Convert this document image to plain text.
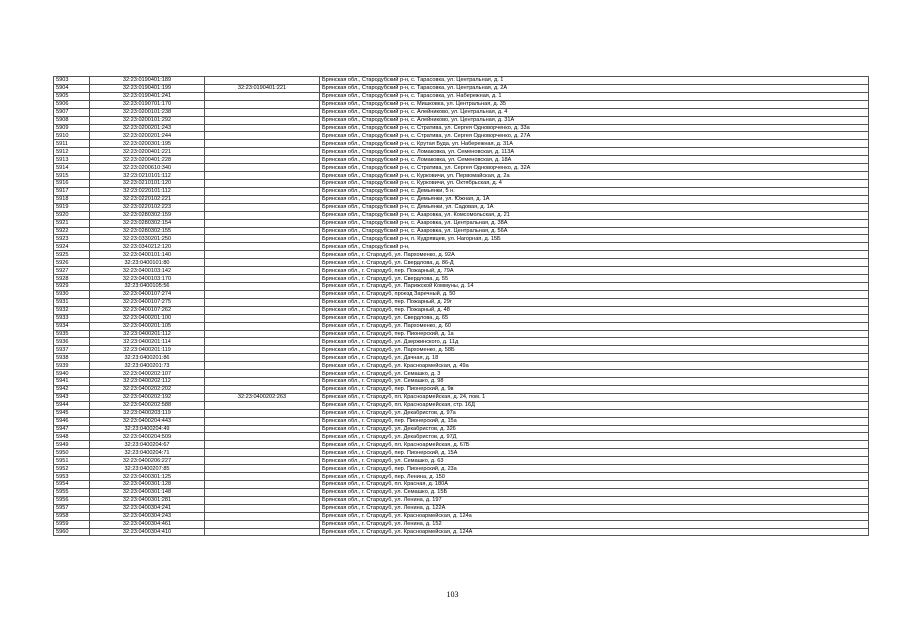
5903	32:23:0190401:189		Брянская обл., Стародубский р-н, с. Тарасовка, ул. Центральная, д. 1
5904	32:23:0190401:199	32:23:0190401:221	Брянская обл., Стародубский р-н, с. Тарасовка, ул. Центральная, д. 2А
5905	32:23:0190401:241		Брянская обл., Стародубский р-н, с. Тарасовка, ул. Набережная, д. 1
5906	32:23:0190701:170		Брянская обл., Стародубский р-н, с. Мишковка, ул. Центральная, д. 35
5907	32:23:0200101:238		Брянская обл., Стародубский р-н, с. Алейниково, ул. Центральная, д. 4
5908	32:23:0200101:292		Брянская обл., Стародубский р-н, с. Алейниково, ул. Центральная, д. 31А
5909	32:23:0200201:243		Брянская обл., Стародубский р-н, с. Стратива, ул. Сергея Одноворченко, д. 33а
5910	32:23:0200201:244		Брянская обл., Стародубский р-н, с. Стратива, ул. Сергея Одноворченко, д. 27А
5911	32:23:0200301:195		Брянская обл., Стародубский р-н, с. Крутая Буда, ул. Набережная, д. 31А
5912	32:23:0200401:221		Брянская обл., Стародубский р-н, с. Ломаковка, ул. Семеновская, д. 113А
5913	32:23:0200401:228		Брянская обл., Стародубский р-н, с. Ломаковка, ул. Семеновская, д. 18А
5914	32:23:0200610:340		Брянская обл., Стародубский р-н, с. Стратива, ул. Сергея Одноворченко, д. 32А
5915	32:23:0210101:112		Брянская обл., Стародубский р-н, с. Курковичи, ул. Первомайская, д. 2а
5916	32:23:0210101:120		Брянская обл., Стародубский р-н, с. Курковичи, ул. Октябрьская, д. 4
5917	32:23:0220101:112		Брянская обл., Стародубский р-н, с. Демьянки, 5 н.
5918	32:23:0220102:221		Брянская обл., Стародубский р-н, с. Демьянки, ул. Южная, д. 1А
5919	32:23:0220102:223		Брянская обл., Стародубский р-н, с. Демьянки, ул. Садовая, д. 1А
5920	32:23:0280302:159		Брянская обл., Стародубский р-н, с. Азаровка, ул. Комсомольская, д. 21
5921	32:23:0280302:154		Брянская обл., Стародубский р-н, с. Азаровка, ул. Центральная, д. 38А
5922	32:23:0280302:155		Брянская обл., Стародубский р-н, с. Азаровка, ул. Центральная, д. 56А
5923	32:23:0330201:250		Брянская обл., Стародубский р-н, п. Кудрявцев, ул. Нагорная, д. 15Б
5924	32:23:0340212:120		Брянская обл., Стародубский р-н,
5925	32:23:0400101:140		Брянская обл., г. Стародуб, ул. Пархоменко, д. 92А
5926	32:23:0400101:80		Брянская обл., г. Стародуб, ул. Свердлова, д. 86-Д
5927	32:23:0400103:142		Брянская обл., г. Стародуб, пер. Пожарный, д. 79А
5928	32:23:0400103:170		Брянская обл., г. Стародуб, ул. Свердлова, д. 55
5929	32:23:0400105:56		Брянская обл., г. Стародуб, ул. Парижской Коммуны, д. 14
5930	32:23:0400107:274		Брянская обл., г. Стародуб, проезд Заречный, д. 50
5931	32:23:0400107:275		Брянская обл., г. Стародуб, пер. Пожарный, д. 29г
5932	32:23:0400107:262		Брянская обл., г. Стародуб, пер. Пожарный, д. 48
5933	32:23:0400201:100		Брянская обл., г. Стародуб, ул. Свердлова, д. 65
5934	32:23:0400201:105		Брянская обл., г. Стародуб, ул. Пархоменко, д. 60
5935	32:23:0400201:112		Брянская обл., г. Стародуб, пер. Пионерский, д. 1а
5936	32:23:0400201:114		Брянская обл., г. Стародуб, ул. Дзержинского, д. 11д
5937	32:23:0400201:119		Брянская обл., г. Стародуб, ул. Пархоменко, д. 58Б
5938	32:23:0400201:86		Брянская обл., г. Стародуб, ул. Дачная, д. 18
5939	32:23:0400201:73		Брянская обл., г. Стародуб, ул. Красноармейская, д. 49а
5940	32:23:0400202:107		Брянская обл., г. Стародуб, ул. Семашко, д. 3
5941	32:23:0400202:112		Брянская обл., г. Стародуб, ул. Семашко, д. 98
5942	32:23:0400202:202		Брянская обл., г. Стародуб, пер. Пионерский, д. 9в
5943	32:23:0400202:192	32:23:0400202:263	Брянская обл., г. Стародуб, пл. Красноармейская, д. 24, пом. 1
5944	32:23:0400202:588		Брянская обл., г. Стародуб, пл. Красноармейская, стр. 16Д
5945	32:23:0400203:119		Брянская обл., г. Стародуб, ул. Декабристов, д. 97а
5946	32:23:0400204:443		Брянская обл., г. Стародуб, пер. Пионерский, д. 15а
5947	32:23:0400204:49		Брянская обл., г. Стародуб, ул. Декабристов, д. 326
5948	32:23:0400204:509		Брянская обл., г. Стародуб, ул. Декабристов, д. 97Д
5949	32:23:0400204:67		Брянская обл., г. Стародуб, пл. Красноармейская, д. 67Б
5950	32:23:0400204:71		Брянская обл., г. Стародуб, пер. Пионерский, д. 15А
5951	32:23:0400206:227		Брянская обл., г. Стародуб, ул. Семашко, д. 63
5952	32:23:0400207:85		Брянская обл., г. Стародуб, пер. Пионерский, д. 23а
5953	32:23:0400301:125		Брянская обл., г. Стародуб, пер. Ленина, д. 150
5954	32:23:0400301:128		Брянская обл., г. Стародуб, пл. Красная, д. 180А
5955	32:23:0400301:148		Брянская обл., г. Стародуб, ул. Семашко, д. 15Б
5956	32:23:0400301:281		Брянская обл., г. Стародуб, ул. Ленина, д. 197
5957	32:23:0400304:241		Брянская обл., г. Стародуб, ул. Ленина, д. 122А
5958	32:23:0400304:243		Брянская обл., г. Стародуб, ул. Красноармейская, д. 124а
5959	32:23:0400304:461		Брянская обл., г. Стародуб, ул. Ленина, д. 152
5960	32:23:0400304:410		Брянская обл., г. Стародуб, ул. Красноармейская, д. 124А
103
